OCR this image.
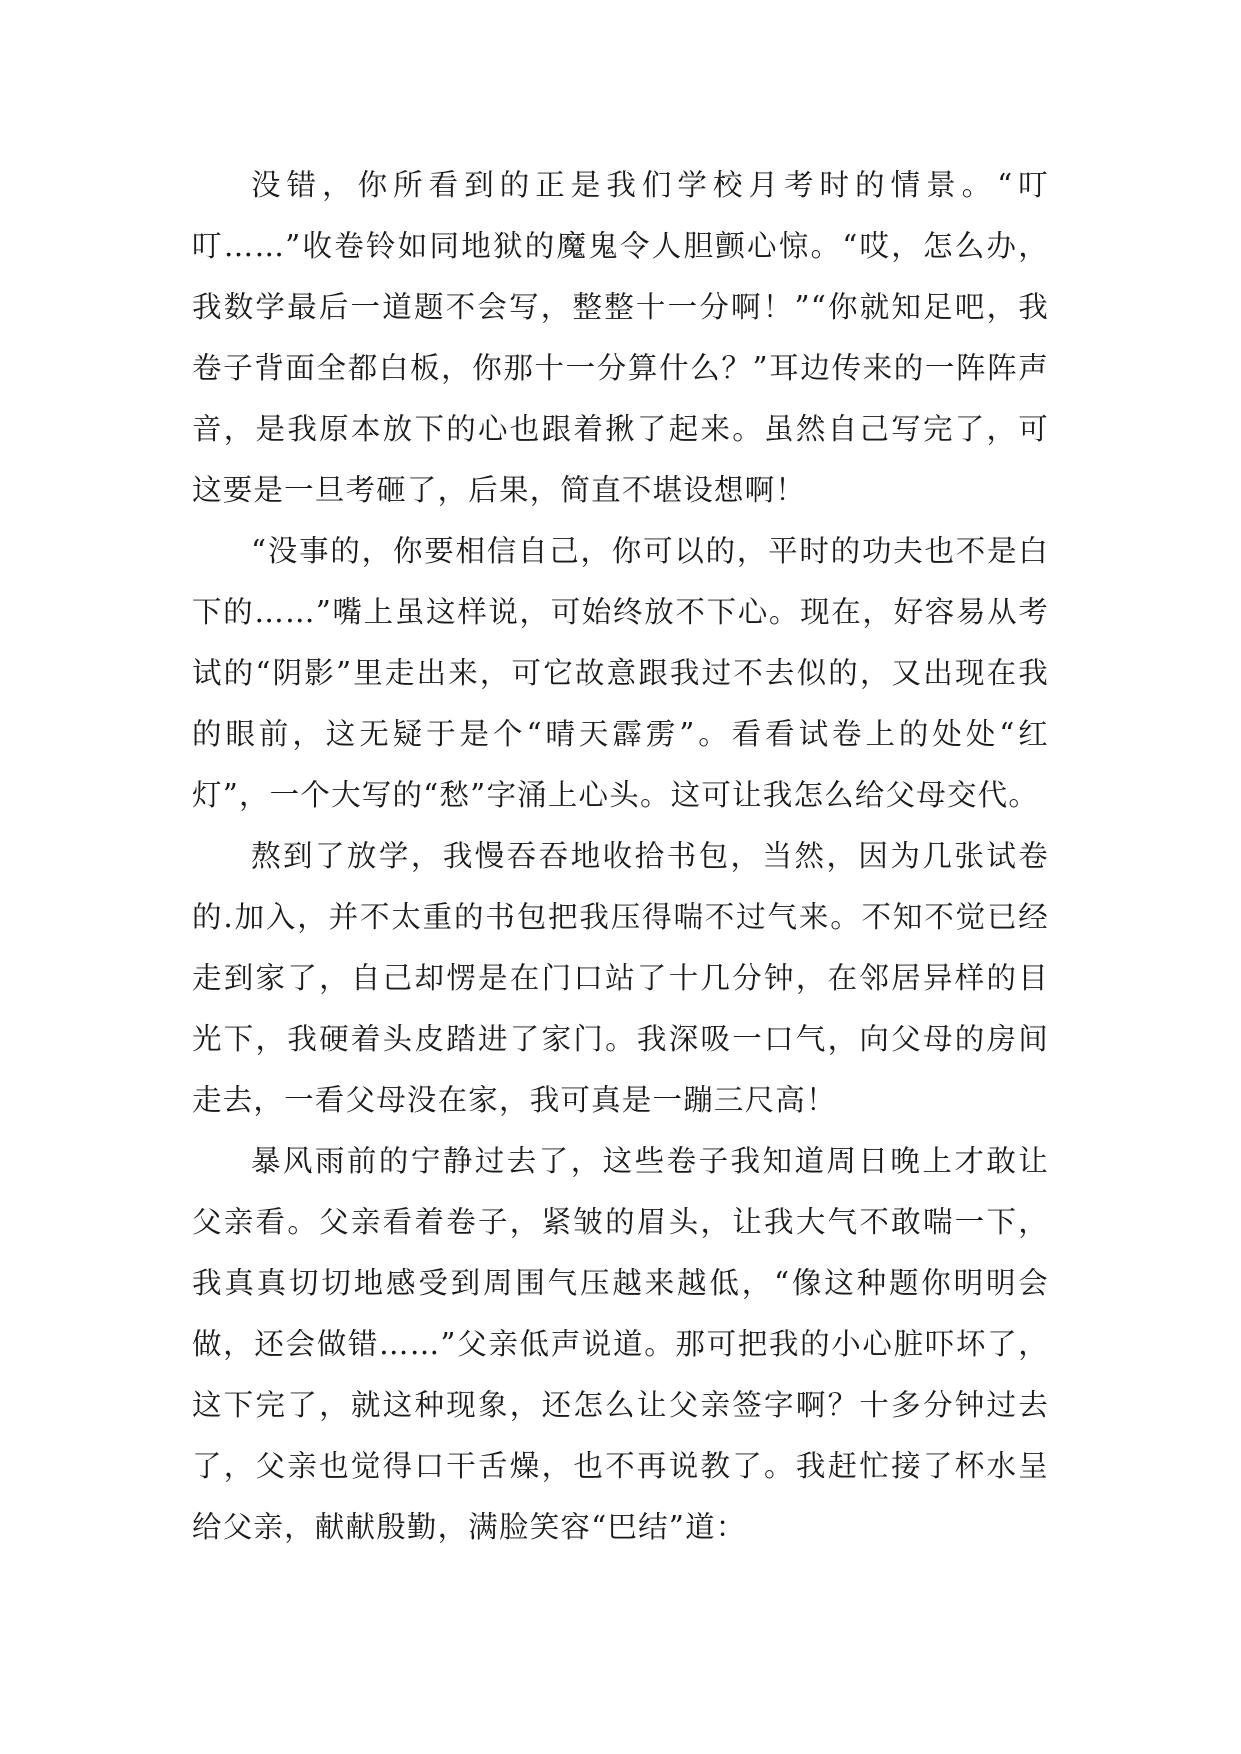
没错，你所看到的正是我们学校月考时的情景。“叮叮……”收卷铃如同地狱的魔鬼令人胆颤心惊。“哎，怎么办，我数学最后一道题不会写，整整十一分啊！”“你就知足吧，我卷子背面全都白板，你那十一分算什么？”耳边传来的一阵阵声音，是我原本放下的心也跟着揪了起来。虽然自己写完了，可这要是一旦考砸了，后果，简直不堪设想啊！

“没事的，你要相信自己，你可以的，平时的功夫也不是白下的……”嘴上虽这样说，可始终放不下心。现在，好容易从考试的“阴影”里走出来，可它故意跟我过不去似的，又出现在我的眼前，这无疑于是个“晴天霹雳”。看看试卷上的处处“红灯”，一个大写的“愁”字涌上心头。这可让我怎么给父母交代。

熬到了放学，我慢吞吞地收拾书包，当然，因为几张试卷的.加入，并不太重的书包把我压得喘不过气来。不知不觉已经走到家了，自己却愣是在门口站了十几分钟，在邻居异样的目光下，我硬着头皮踏进了家门。我深吸一口气，向父母的房间走去，一看父母没在家，我可真是一蹦三尺高！

暴风雨前的宁静过去了，这些卷子我知道周日晚上才敢让父亲看。父亲看着卷子，紧皱的眉头，让我大气不敢喘一下，我真真切切地感受到周围气压越来越低，“像这种题你明明会做，还会做错……”父亲低声说道。那可把我的小心脏吓坏了，这下完了，就这种现象，还怎么让父亲签字啊？十多分钟过去了，父亲也觉得口干舌燥，也不再说教了。我赶忙接了杯水呈给父亲，献献殷勤，满脸笑容“巴结”道：
